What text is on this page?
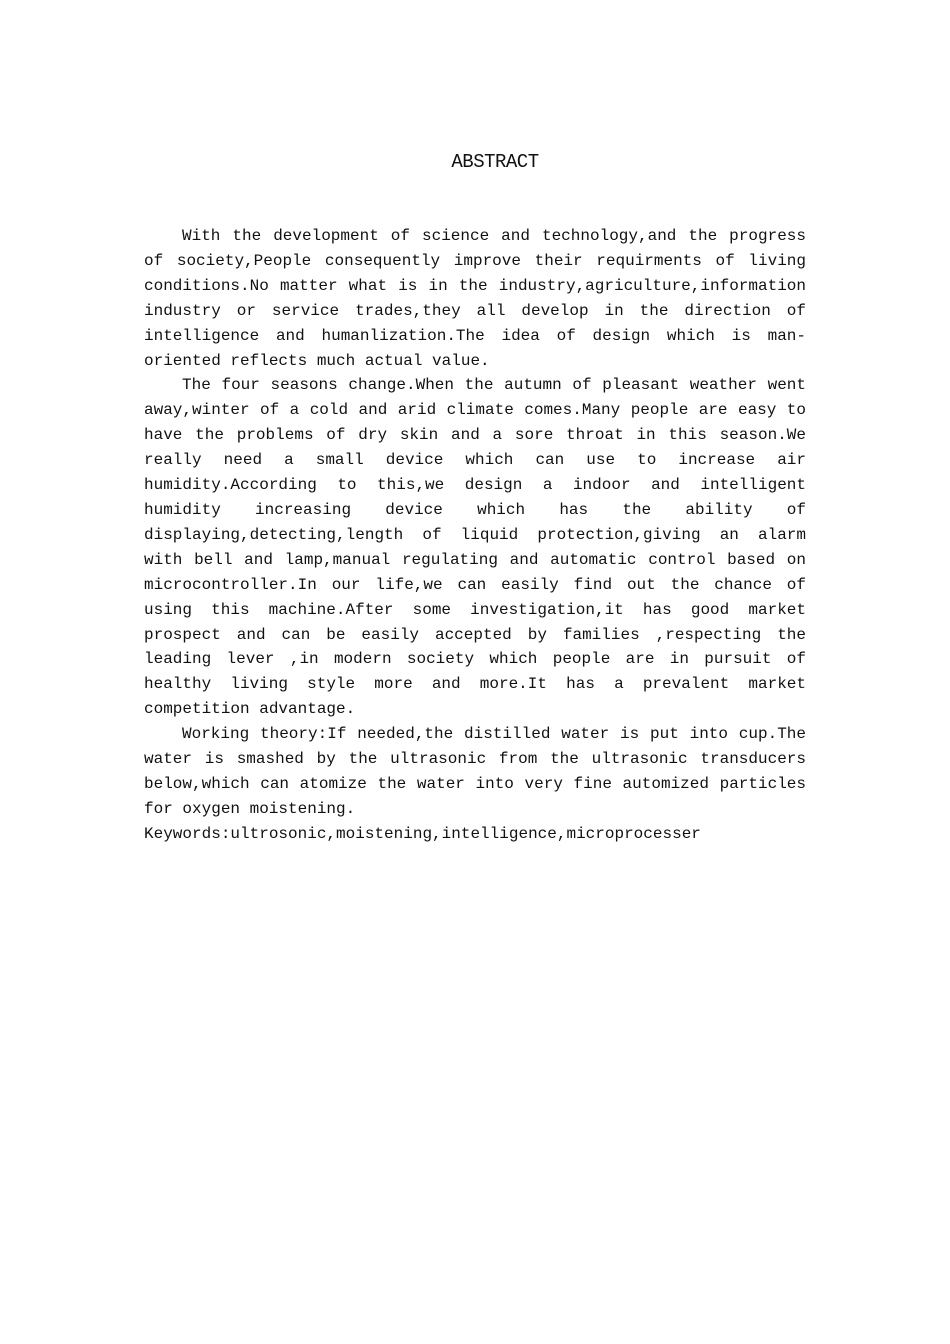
ABSTRACT

With the development of science and technology,and the progress of society,People consequently improve their requirments of living conditions.No matter what is in the industry,agriculture,information industry or service trades,they all develop in the direction of intelligence and humanlization.The idea of design which is man-oriented reflects much actual value.

The four seasons change.When the autumn of pleasant weather went away,winter of a cold and arid climate comes.Many people are easy to have the problems of dry skin and a sore throat in this season.We really need a small device which can use to increase air humidity.According to this,we design a indoor and intelligent humidity increasing device which has the ability of displaying,detecting,length of liquid protection,giving an alarm with bell and lamp,manual regulating and automatic control based on microcontroller.In our life,we can easily find out the chance of using this machine.After some investigation,it has good market prospect and can be easily accepted by families ,respecting the leading lever ,in modern society which people are in pursuit of healthy living style more and more.It has a prevalent market competition advantage.

Working theory:If needed,the distilled water is put into cup.The water is smashed by the ultrasonic from the ultrasonic transducers below,which can atomize the water into very fine automized particles for oxygen moistening.

Keywords:ultrosonic,moistening,intelligence,microprocesser
